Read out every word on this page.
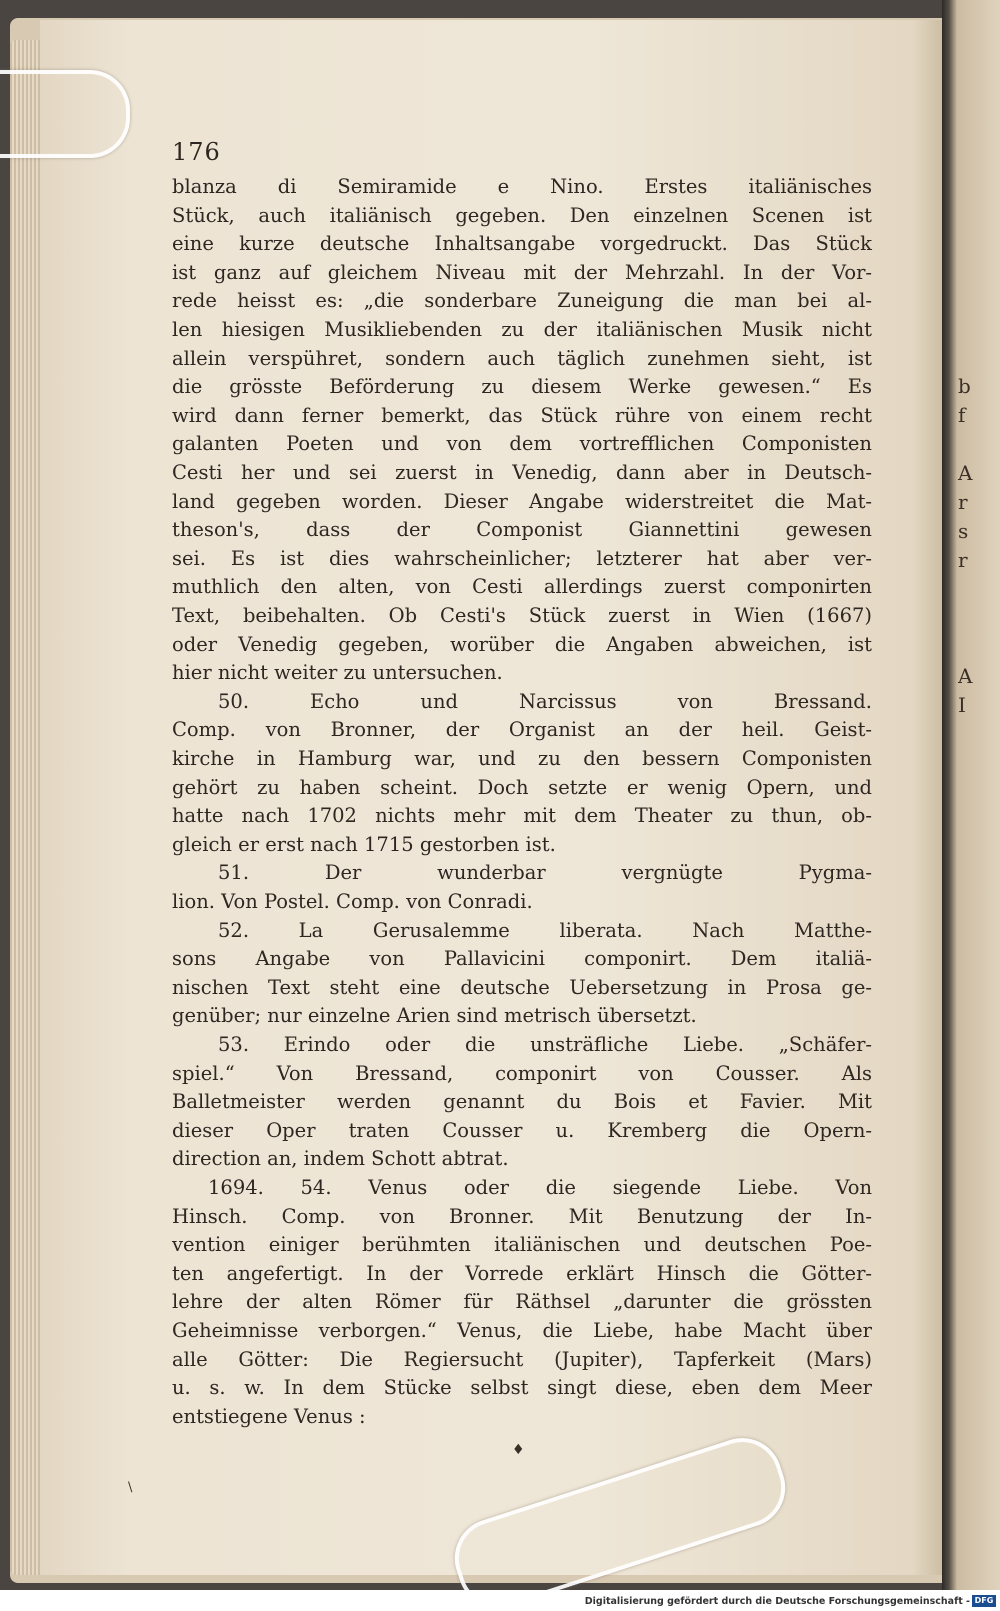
b
f
A
r
s
r
A
I
176
blanza di Semiramide e Nino. Erstes italiänisches
Stück, auch italiänisch gegeben. Den einzelnen Scenen ist
eine kurze deutsche Inhaltsangabe vorgedruckt. Das Stück
ist ganz auf gleichem Niveau mit der Mehrzahl. In der Vor-
rede heisst es: „die sonderbare Zuneigung die man bei al-
len hiesigen Musikliebenden zu der italiänischen Musik nicht
allein verspühret, sondern auch täglich zunehmen sieht, ist
die grösste Beförderung zu diesem Werke gewesen.“ Es
wird dann ferner bemerkt, das Stück rühre von einem recht
galanten Poeten und von dem vortrefflichen Componisten
Cesti her und sei zuerst in Venedig, dann aber in Deutsch-
land gegeben worden. Dieser Angabe widerstreitet die Mat-
theson's, dass der Componist Giannettini gewesen
sei. Es ist dies wahrscheinlicher; letzterer hat aber ver-
muthlich den alten, von Cesti allerdings zuerst componirten
Text, beibehalten. Ob Cesti's Stück zuerst in Wien (1667)
oder Venedig gegeben, worüber die Angaben abweichen, ist
hier nicht weiter zu untersuchen.
50. Echo und Narcissus von Bressand.
Comp. von Bronner, der Organist an der heil. Geist-
kirche in Hamburg war, und zu den bessern Componisten
gehört zu haben scheint. Doch setzte er wenig Opern, und
hatte nach 1702 nichts mehr mit dem Theater zu thun, ob-
gleich er erst nach 1715 gestorben ist.
51. Der wunderbar vergnügte Pygma-
lion. Von Postel. Comp. von Conradi.
52. La Gerusalemme liberata. Nach Matthe-
sons Angabe von Pallavicini componirt. Dem italiä-
nischen Text steht eine deutsche Uebersetzung in Prosa ge-
genüber; nur einzelne Arien sind metrisch übersetzt.
53. Erindo oder die unsträfliche Liebe. „Schäfer-
spiel.“ Von Bressand, componirt von Cousser. Als
Balletmeister werden genannt du Bois et Favier. Mit
dieser Oper traten Cousser u. Kremberg die Opern-
direction an, indem Schott abtrat.
1694. 54. Venus oder die siegende Liebe. Von
Hinsch. Comp. von Bronner. Mit Benutzung der In-
vention einiger berühmten italiänischen und deutschen Poe-
ten angefertigt. In der Vorrede erklärt Hinsch die Götter-
lehre der alten Römer für Räthsel „darunter die grössten
Geheimnisse verborgen.“ Venus, die Liebe, habe Macht über
alle Götter: Die Regiersucht (Jupiter), Tapferkeit (Mars)
u. s. w. In dem Stücke selbst singt diese, eben dem Meer
entstiegene Venus :
♦
\
Digitalisierung gefördert durch die Deutsche Forschungsgemeinschaft - DFG
